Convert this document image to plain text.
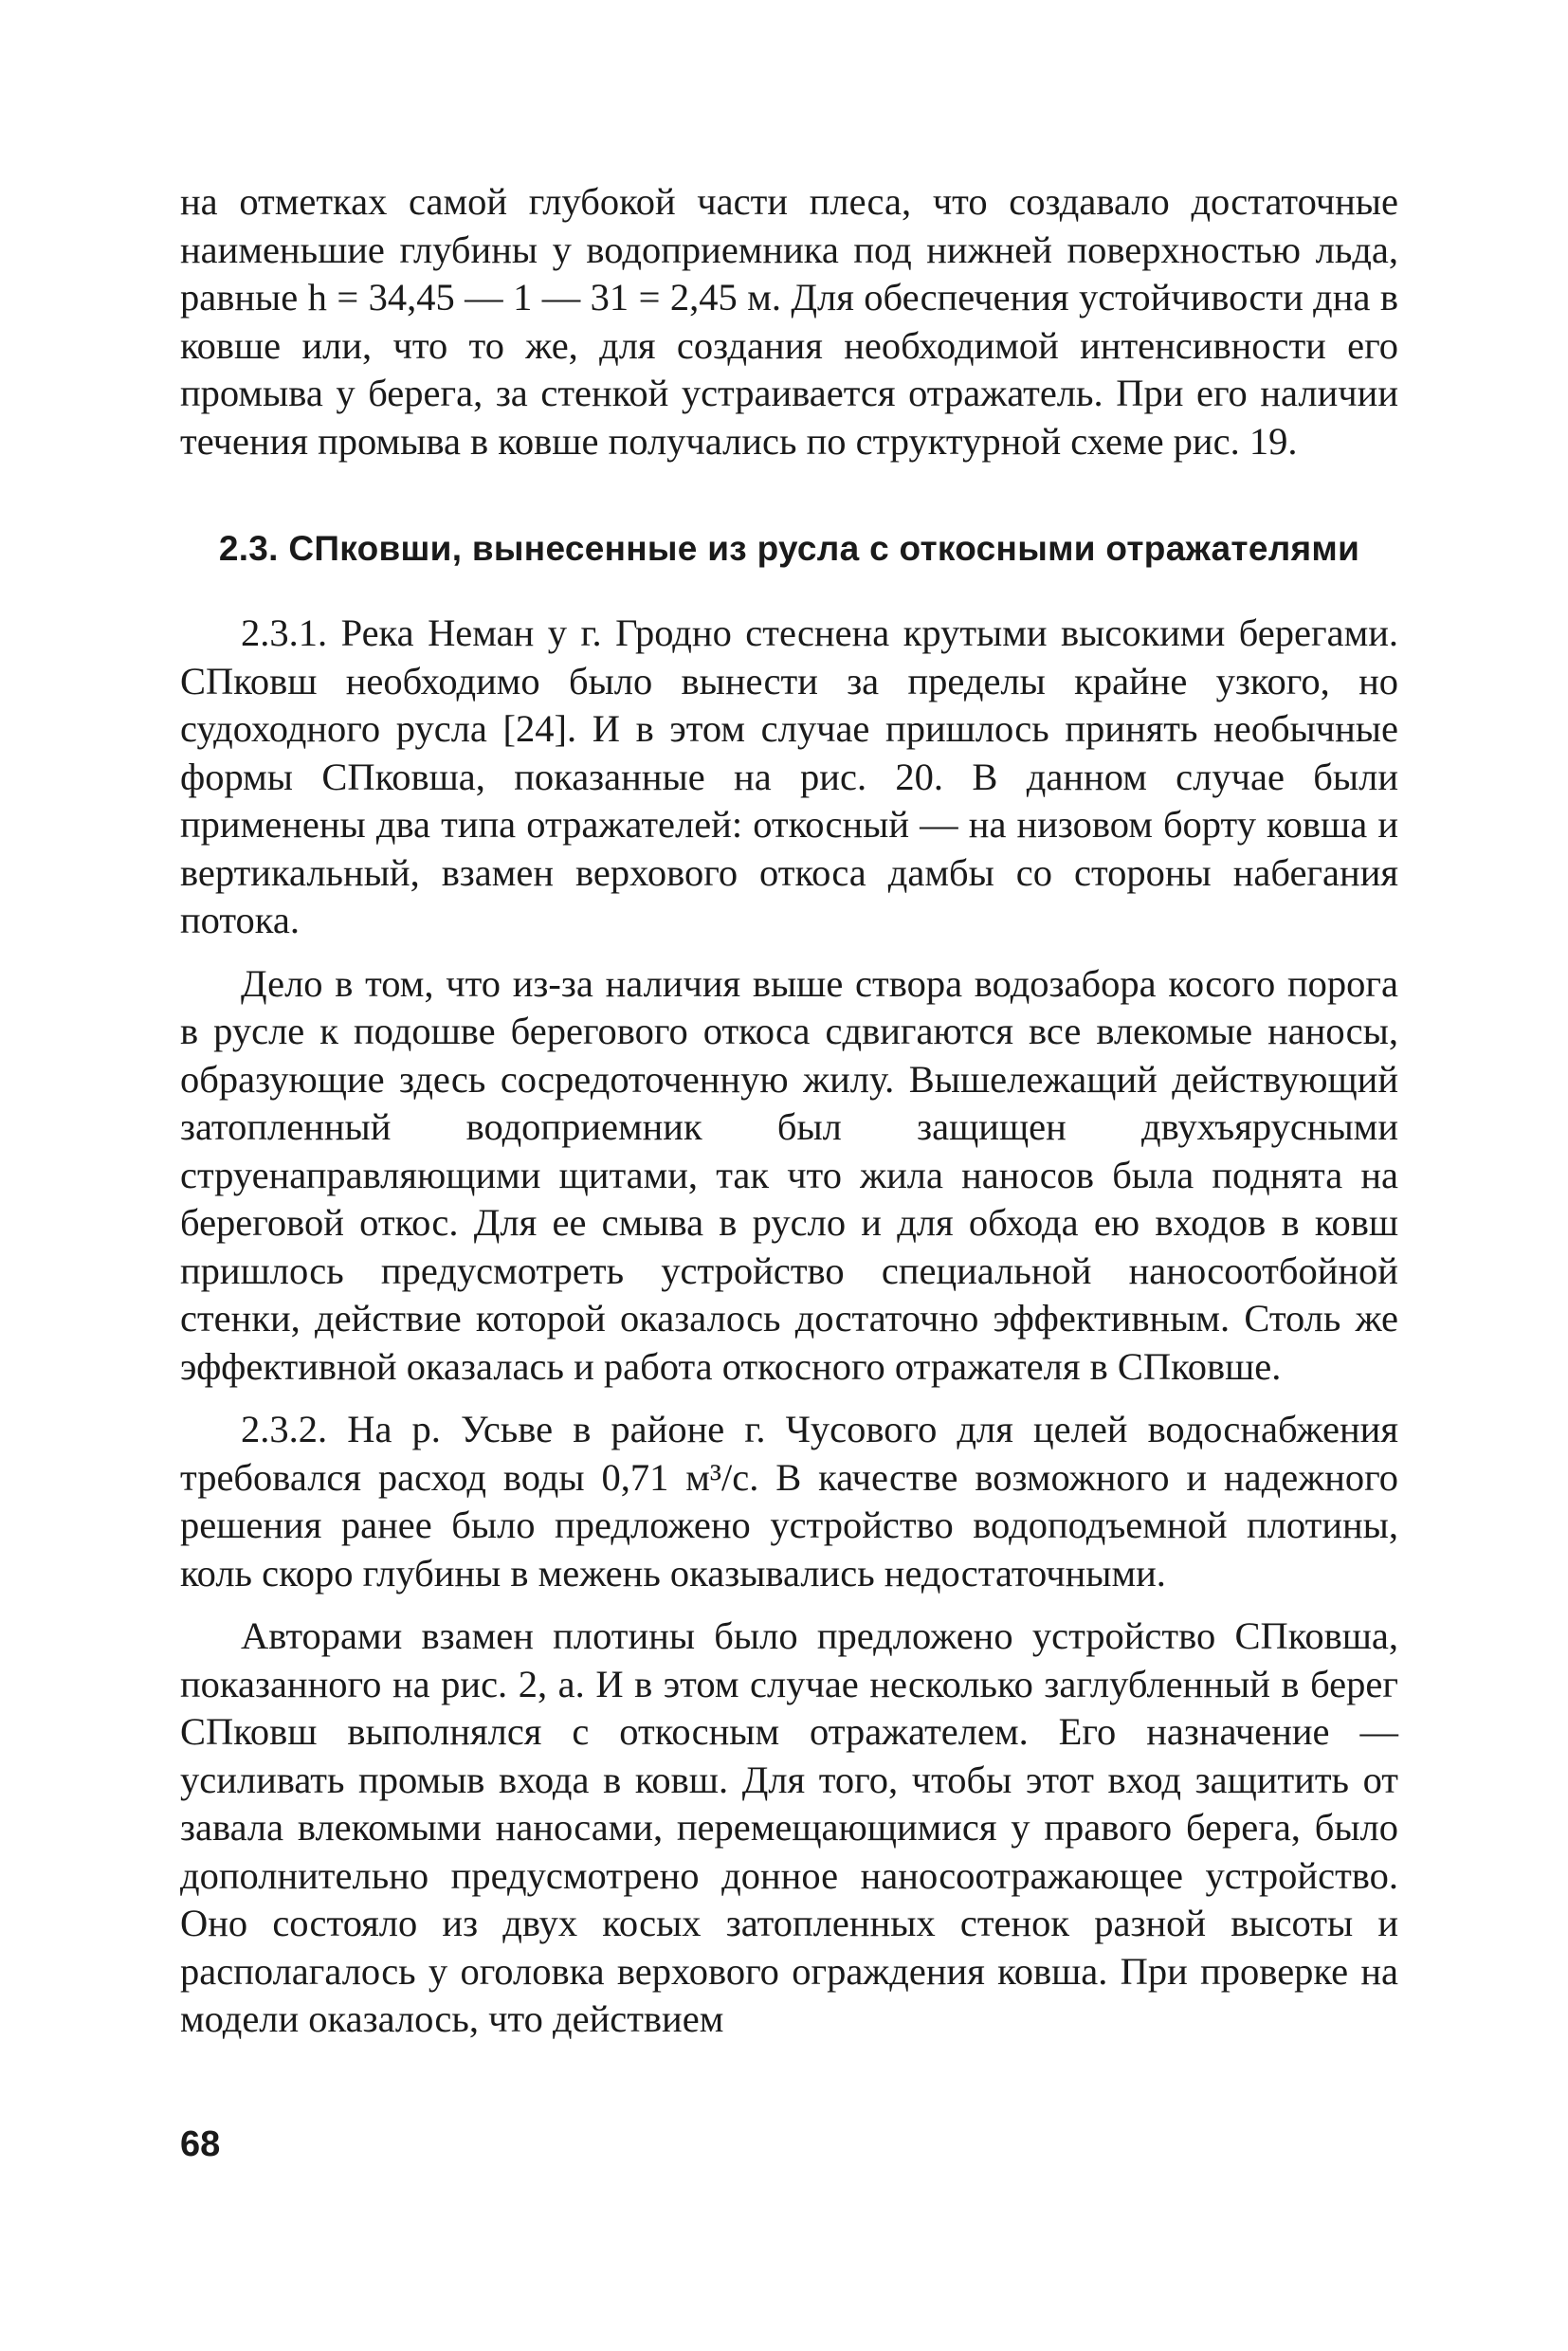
на отметках самой глубокой части плеса, что создавало достаточные наименьшие глубины у водоприемника под нижней поверхностью льда, равные h = 34,45 — 1 — 31 = 2,45 м. Для обеспечения устойчивости дна в ковше или, что то же, для создания необходимой интенсивности его промыва у берега, за стенкой устраивается отражатель. При его наличии течения промыва в ковше получались по структурной схеме рис. 19.

2.3. СПковши, вынесенные из русла с откосными отражателями

2.3.1. Река Неман у г. Гродно стеснена крутыми высокими берегами. СПковш необходимо было вынести за пределы крайне узкого, но судоходного русла [24]. И в этом случае пришлось принять необычные формы СПковша, показанные на рис. 20. В данном случае были применены два типа отражателей: откосный — на низовом борту ковша и вертикальный, взамен верхового откоса дамбы со стороны набегания потока.

Дело в том, что из-за наличия выше створа водозабора косого порога в русле к подошве берегового откоса сдвигаются все влекомые наносы, образующие здесь сосредоточенную жилу. Вышележащий действующий затопленный водоприемник был защищен двухъярусными струенаправляющими щитами, так что жила наносов была поднята на береговой откос. Для ее смыва в русло и для обхода ею входов в ковш пришлось предусмотреть устройство специальной наносоотбойной стенки, действие которой оказалось достаточно эффективным. Столь же эффективной оказалась и работа откосного отражателя в СПковше.

2.3.2. На р. Усьве в районе г. Чусового для целей водоснабжения требовался расход воды 0,71 м³/с. В качестве возможного и надежного решения ранее было предложено устройство водоподъемной плотины, коль скоро глубины в межень оказывались недостаточными.

Авторами взамен плотины было предложено устройство СПковша, показанного на рис. 2, а. И в этом случае несколько заглубленный в берег СПковш выполнялся с откосным отражателем. Его назначение — усиливать промыв входа в ковш. Для того, чтобы этот вход защитить от завала влекомыми наносами, перемещающимися у правого берега, было дополнительно предусмотрено донное наносоотражающее устройство. Оно состояло из двух косых затопленных стенок разной высоты и располагалось у оголовка верхового ограждения ковша. При проверке на модели оказалось, что действием

68
